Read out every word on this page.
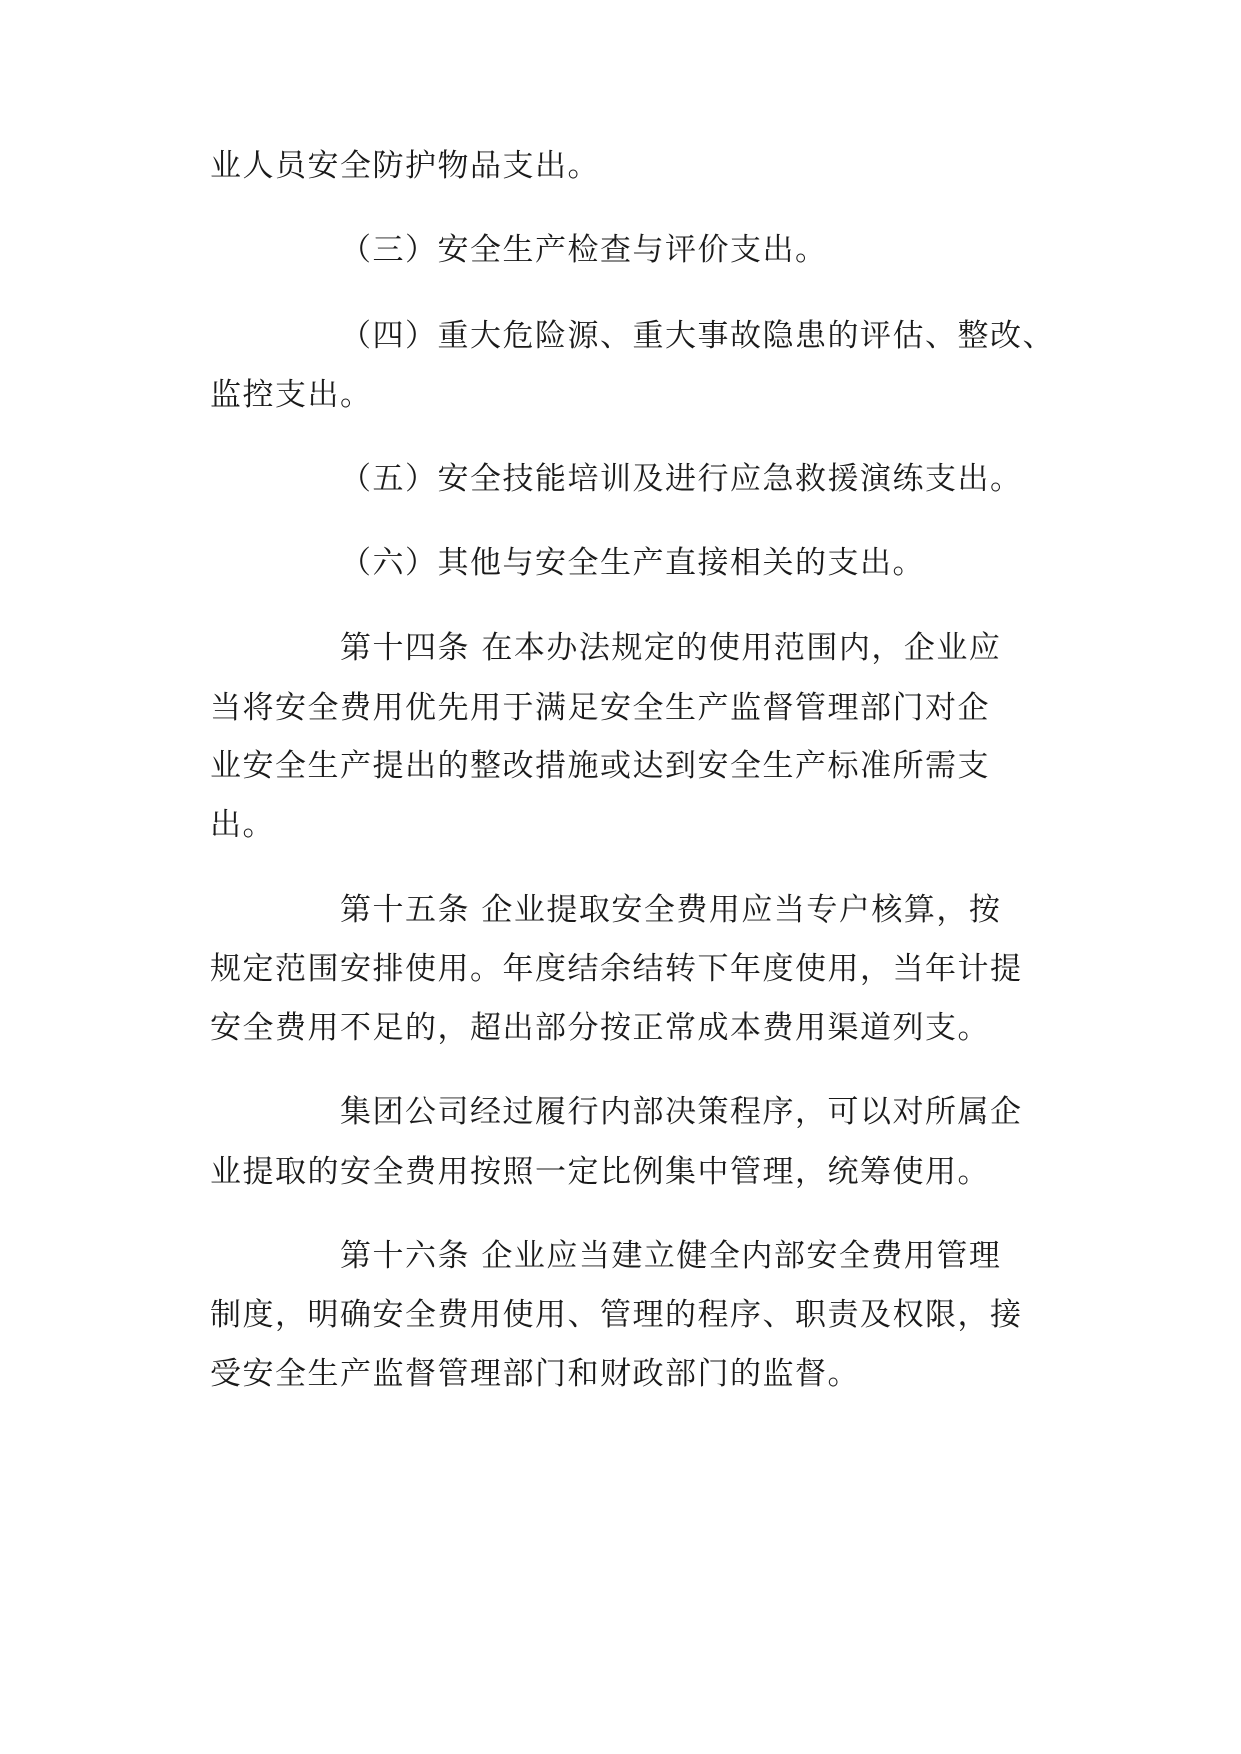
业人员安全防护物品支出。
（三）安全生产检查与评价支出。
（四）重大危险源、重大事故隐患的评估、整改、
监控支出。
（五）安全技能培训及进行应急救援演练支出。
（六）其他与安全生产直接相关的支出。
第十四条 在本办法规定的使用范围内，企业应
当将安全费用优先用于满足安全生产监督管理部门对企
业安全生产提出的整改措施或达到安全生产标准所需支
出。
第十五条 企业提取安全费用应当专户核算，按
规定范围安排使用。年度结余结转下年度使用，当年计提
安全费用不足的，超出部分按正常成本费用渠道列支。
集团公司经过履行内部决策程序，可以对所属企
业提取的安全费用按照一定比例集中管理，统筹使用。
第十六条 企业应当建立健全内部安全费用管理
制度，明确安全费用使用、管理的程序、职责及权限，接
受安全生产监督管理部门和财政部门的监督。
